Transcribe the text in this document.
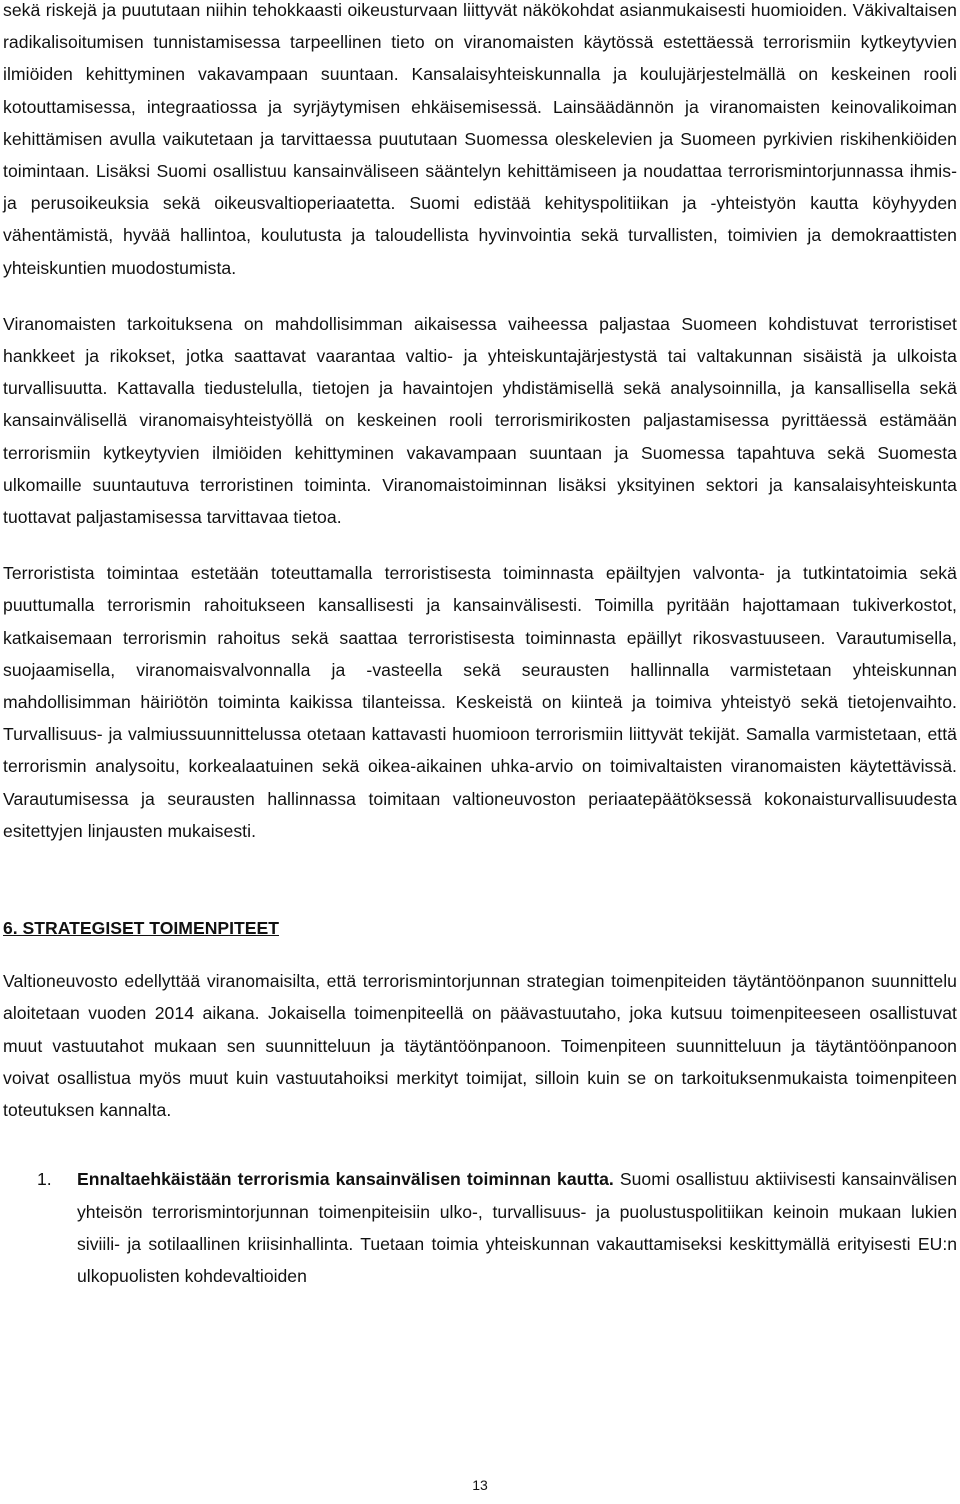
sekä riskejä ja puututaan niihin tehokkaasti oikeusturvaan liittyvät näkökohdat asianmukaisesti huomioiden. Väkivaltaisen radikalisoitumisen tunnistamisessa tarpeellinen tieto on viranomaisten käytössä estettäessä terrorismiin kytkeytyvien ilmiöiden kehittyminen vakavampaan suuntaan. Kansalaisyhteiskunnalla ja koulujärjestelmällä on keskeinen rooli kotouttamisessa, integraatiossa ja syrjäytymisen ehkäisemisessä. Lainsäädännön ja viranomaisten keinovalikoiman kehittämisen avulla vaikutetaan ja tarvittaessa puututaan Suomessa oleskelevien ja Suomeen pyrkivien riskihenkiöiden toimintaan. Lisäksi Suomi osallistuu kansainväliseen sääntelyn kehittämiseen ja noudattaa terrorismintorjunnassa ihmis- ja perusoikeuksia sekä oikeusvaltioperiaatetta. Suomi edistää kehityspolitiikan ja -yhteistyön kautta köyhyyden vähentämistä, hyvää hallintoa, koulutusta ja taloudellista hyvinvointia sekä turvallisten, toimivien ja demokraattisten yhteiskuntien muodostumista.

Viranomaisten tarkoituksena on mahdollisimman aikaisessa vaiheessa paljastaa Suomeen kohdistuvat terroristiset hankkeet ja rikokset, jotka saattavat vaarantaa valtio- ja yhteiskuntajärjestystä tai valtakunnan sisäistä ja ulkoista turvallisuutta. Kattavalla tiedustelulla, tietojen ja havaintojen yhdistämisellä sekä analysoinnilla, ja kansallisella sekä kansainvälisellä viranomaisyhteistyöllä on keskeinen rooli terrorismirikosten paljastamisessa pyrittäessä estämään terrorismiin kytkeytyvien ilmiöiden kehittyminen vakavampaan suuntaan ja Suomessa tapahtuva sekä Suomesta ulkomaille suuntautuva terroristinen toiminta. Viranomaistoiminnan lisäksi yksityinen sektori ja kansalaisyhteiskunta tuottavat paljastamisessa tarvittavaa tietoa.

Terroristista toimintaa estetään toteuttamalla terroristisesta toiminnasta epäiltyjen valvonta- ja tutkintatoimia sekä puuttumalla terrorismin rahoitukseen kansallisesti ja kansainvälisesti. Toimilla pyritään hajottamaan tukiverkostot, katkaisemaan terrorismin rahoitus sekä saattaa terroristisesta toiminnasta epäillyt rikosvastuuseen. Varautumisella, suojaamisella, viranomaisvalvonnalla ja -vasteella sekä seurausten hallinnalla varmistetaan yhteiskunnan mahdollisimman häiriötön toiminta kaikissa tilanteissa. Keskeistä on kiinteä ja toimiva yhteistyö sekä tietojenvaihto. Turvallisuus- ja valmiussuunnittelussa otetaan kattavasti huomioon terrorismiin liittyvät tekijät. Samalla varmistetaan, että terrorismin analysoitu, korkealaatuinen sekä oikea-aikainen uhka-arvio on toimivaltaisten viranomaisten käytettävissä. Varautumisessa ja seurausten hallinnassa toimitaan valtioneuvoston periaatepäätöksessä kokonaisturvallisuudesta esitettyjen linjausten mukaisesti.

6. STRATEGISET TOIMENPITEET

Valtioneuvosto edellyttää viranomaisilta, että terrorismintorjunnan strategian toimenpiteiden täytäntöönpanon suunnittelu aloitetaan vuoden 2014 aikana. Jokaisella toimenpiteellä on päävastuutaho, joka kutsuu toimenpiteeseen osallistuvat muut vastuutahot mukaan sen suunnitteluun ja täytäntöönpanoon. Toimenpiteen suunnitteluun ja täytäntöönpanoon voivat osallistua myös muut kuin vastuutahoiksi merkityt toimijat, silloin kuin se on tarkoituksenmukaista toimenpiteen toteutuksen kannalta.

1.	Ennaltaehkäistään terrorismia kansainvälisen toiminnan kautta. Suomi osallistuu aktiivisesti kansainvälisen yhteisön terrorismintorjunnan toimenpiteisiin ulko-, turvallisuus- ja puolustuspolitiikan keinoin mukaan lukien siviili- ja sotilaallinen kriisinhallinta. Tuetaan toimia yhteiskunnan vakauttamiseksi keskittymällä erityisesti EU:n ulkopuolisten kohdevaltioiden
13
